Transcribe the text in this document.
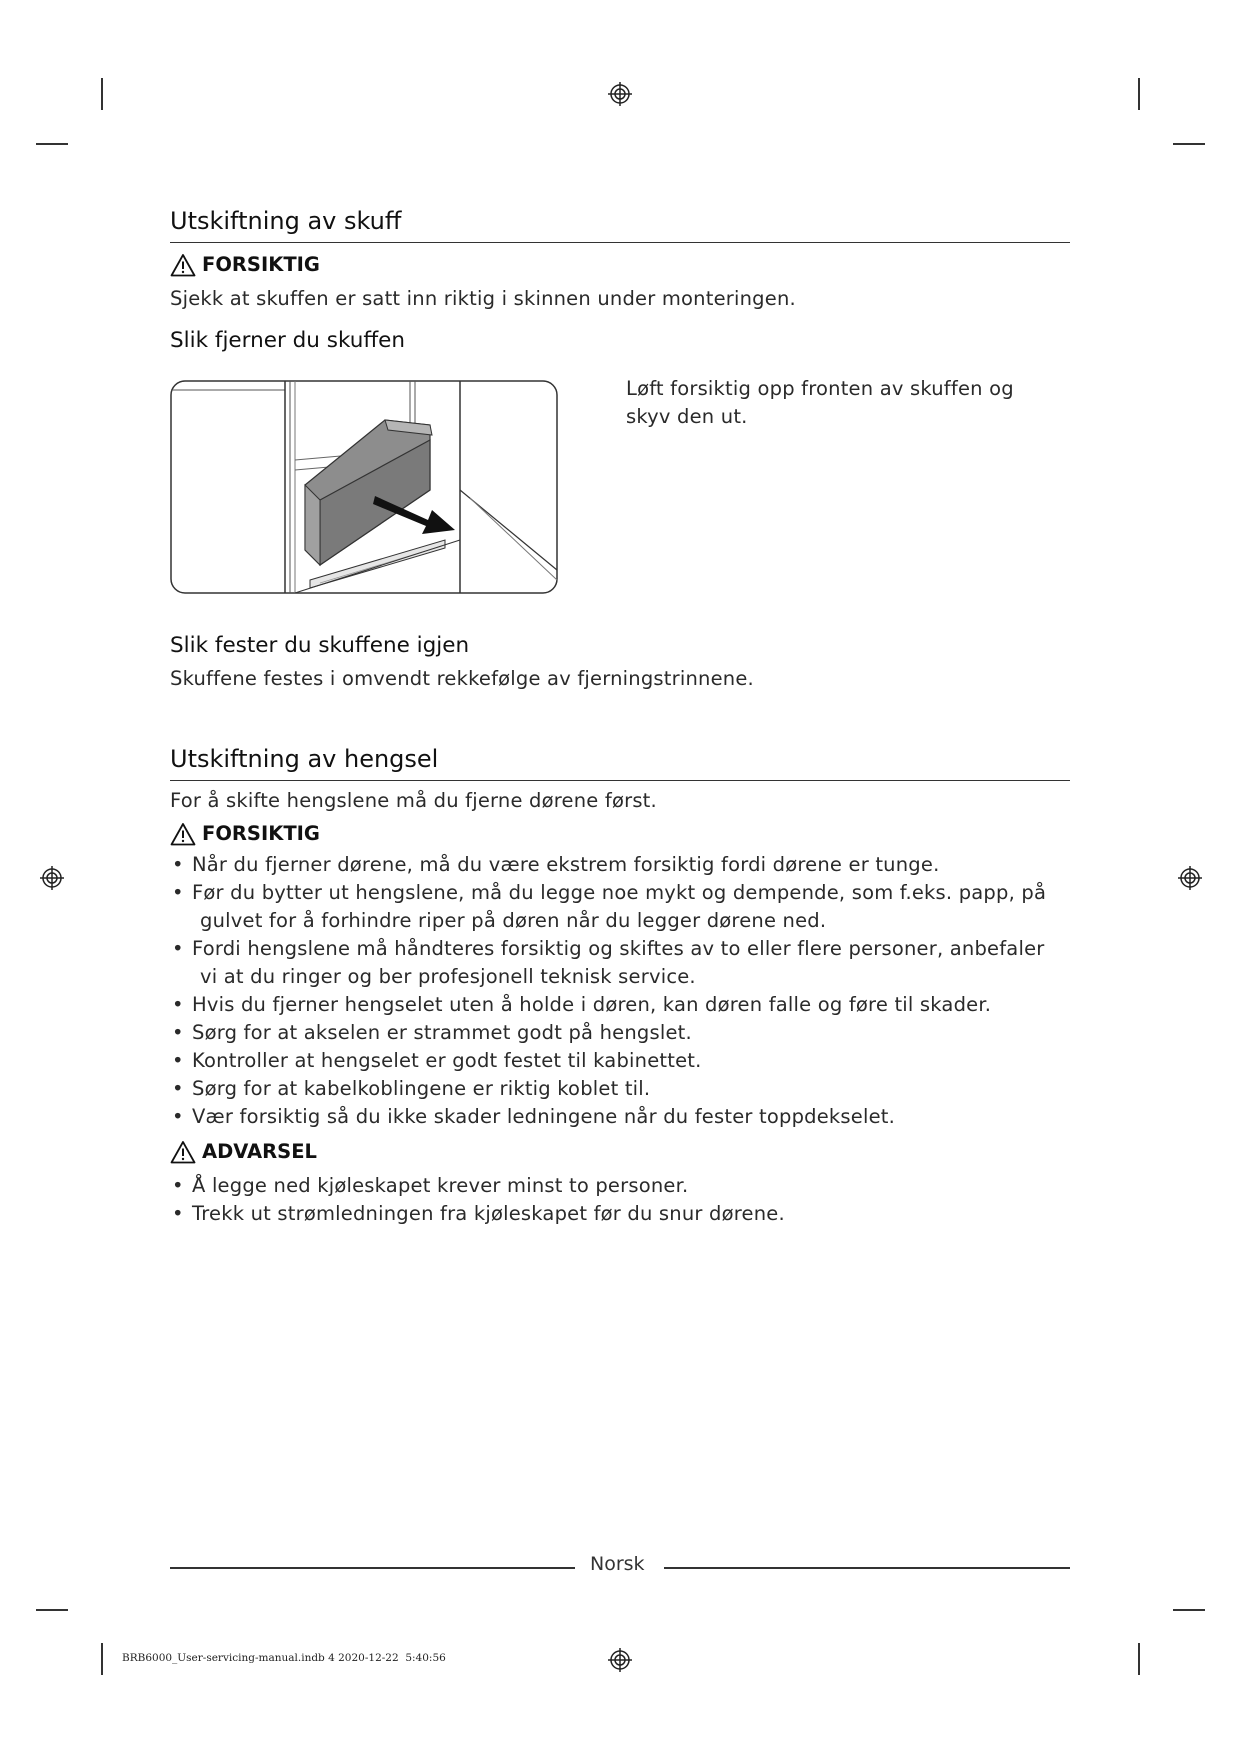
Utskiftning av skuff
FORSIKTIG
Sjekk at skuffen er satt inn riktig i skinnen under monteringen.
Slik fjerner du skuffen
Løft forsiktig opp fronten av skuffen og
skyv den ut.
Slik fester du skuffene igjen
Skuffene festes i omvendt rekkefølge av fjerningstrinnene.
Utskiftning av hengsel
For å skifte hengslene må du fjerne dørene først.
FORSIKTIG
• Når du fjerner dørene, må du være ekstrem forsiktig fordi dørene er tunge.
• Før du bytter ut hengslene, må du legge noe mykt og dempende, som f.eks. papp, på
gulvet for å forhindre riper på døren når du legger dørene ned.
• Fordi hengslene må håndteres forsiktig og skiftes av to eller flere personer, anbefaler
vi at du ringer og ber profesjonell teknisk service.
• Hvis du fjerner hengselet uten å holde i døren, kan døren falle og føre til skader.
• Sørg for at akselen er strammet godt på hengslet.
• Kontroller at hengselet er godt festet til kabinettet.
• Sørg for at kabelkoblingene er riktig koblet til.
• Vær forsiktig så du ikke skader ledningene når du fester toppdekselet.
ADVARSEL
• Å legge ned kjøleskapet krever minst to personer.
• Trekk ut strømledningen fra kjøleskapet før du snur dørene.
Norsk
BRB6000_User-servicing-manual.indb 4 2020-12-22 ￼￼ 5:40:56
